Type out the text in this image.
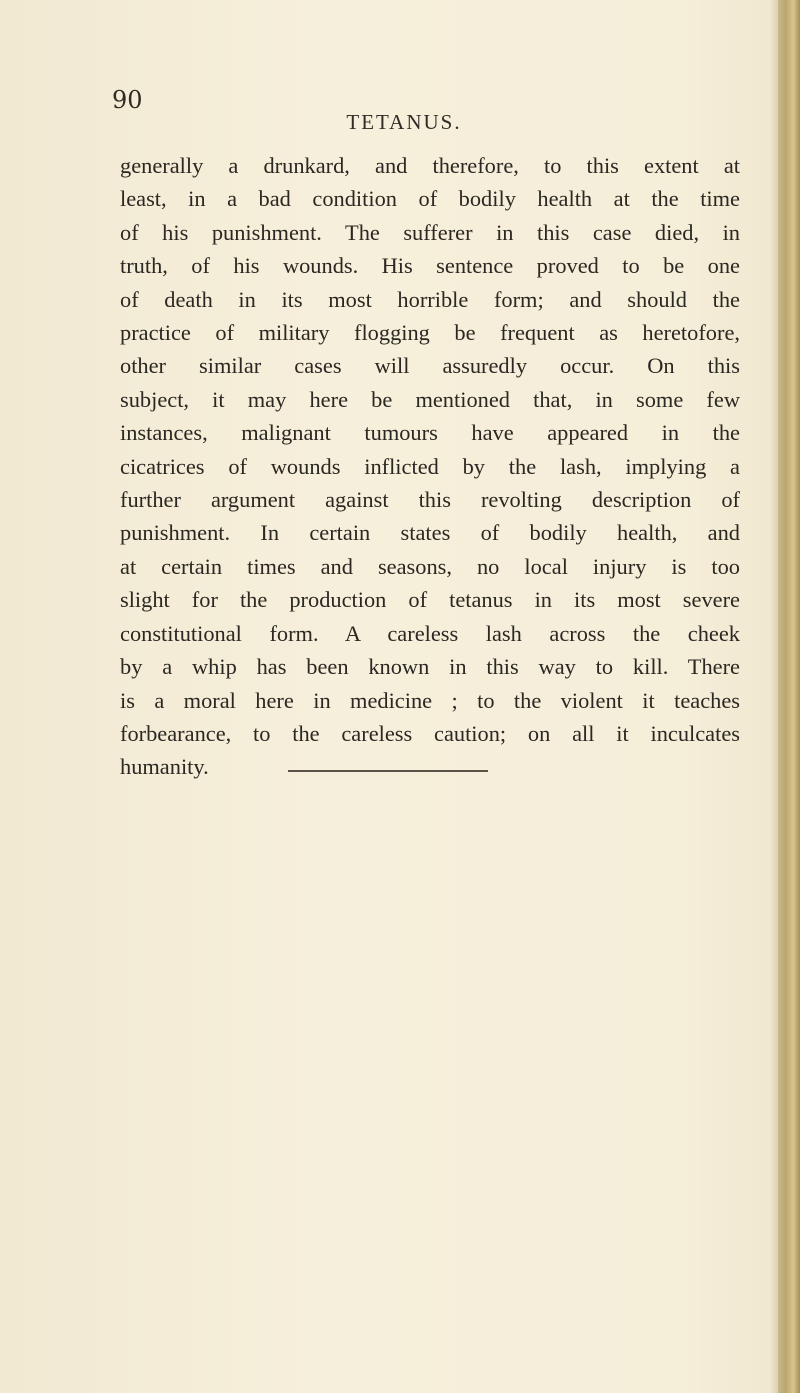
90
TETANUS.
generally a drunkard, and therefore, to this extent at
least, in a bad condition of bodily health at the time
of his punishment. The sufferer in this case died, in
truth, of his wounds. His sentence proved to be one
of death in its most horrible form; and should the
practice of military flogging be frequent as heretofore,
other similar cases will assuredly occur. On this
subject, it may here be mentioned that, in some few
instances, malignant tumours have appeared in the
cicatrices of wounds inflicted by the lash, implying a
further argument against this revolting description of
punishment. In certain states of bodily health, and
at certain times and seasons, no local injury is too
slight for the production of tetanus in its most severe
constitutional form. A careless lash across the cheek
by a whip has been known in this way to kill. There
is a moral here in medicine ; to the violent it teaches
forbearance, to the careless caution; on all it inculcates
humanity.
